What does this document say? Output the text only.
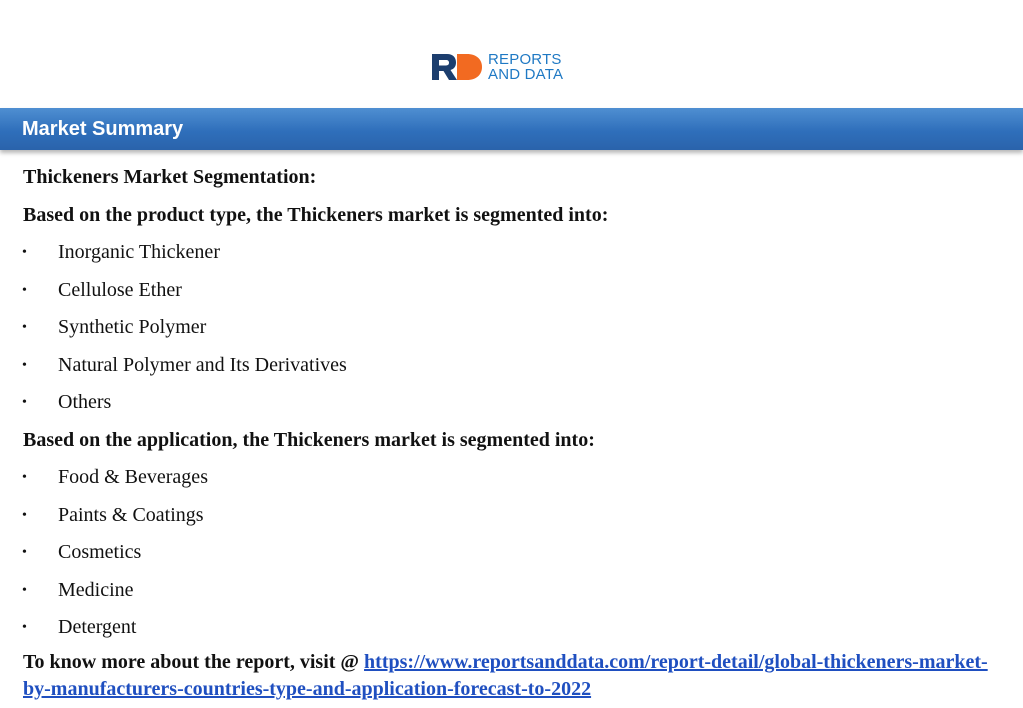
REPORTS
AND DATA
Market Summary
Thickeners Market Segmentation:
Based on the product type, the Thickeners market is segmented into:
• Inorganic Thickener
• Cellulose Ether
• Synthetic Polymer
• Natural Polymer and Its Derivatives
• Others
Based on the application, the Thickeners market is segmented into:
• Food & Beverages
• Paints & Coatings
• Cosmetics
• Medicine
• Detergent
To know more about the report, visit @ https://www.reportsanddata.com/report-detail/global-thickeners-market-by-manufacturers-countries-type-and-application-forecast-to-2022
